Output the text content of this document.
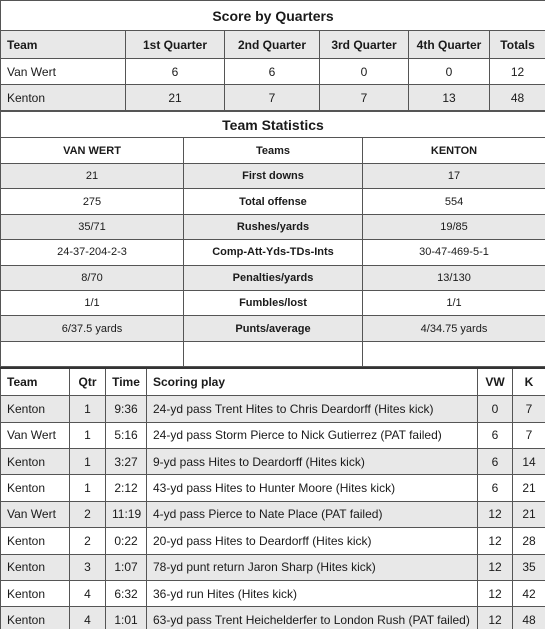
Score by Quarters					
Team	1st Quarter	2nd Quarter	3rd Quarter	4th Quarter	Totals
Van Wert	6	6	0	0	12
Kenton	21	7	7	13	48
Team Statistics		
VAN WERT	Teams	KENTON
21	First downs	17
275	Total offense	554
35/71	Rushes/yards	19/85
24-37-204-2-3	Comp-Att-Yds-TDs-Ints	30-47-469-5-1
8/70	Penalties/yards	13/130
1/1	Fumbles/lost	1/1
6/37.5 yards	Punts/average	4/34.75 yards

Team	Qtr	Time	Scoring play	VW	K
Kenton	1	9:36	24-yd pass Trent Hites to Chris Deardorff (Hites kick)	0	7
Van Wert	1	5:16	24-yd pass Storm Pierce to Nick Gutierrez (PAT failed)	6	7
Kenton	1	3:27	9-yd pass Hites to Deardorff (Hites kick)	6	14
Kenton	1	2:12	43-yd pass Hites to Hunter Moore (Hites kick)	6	21
Van Wert	2	11:19	4-yd pass Pierce to Nate Place (PAT failed)	12	21
Kenton	2	0:22	20-yd pass Hites to Deardorff (Hites kick)	12	28
Kenton	3	1:07	78-yd punt return Jaron Sharp (Hites kick)	12	35
Kenton	4	6:32	36-yd run Hites (Hites kick)	12	42
Kenton	4	1:01	63-yd pass Trent Heichelderfer to London Rush (PAT failed)	12	48
